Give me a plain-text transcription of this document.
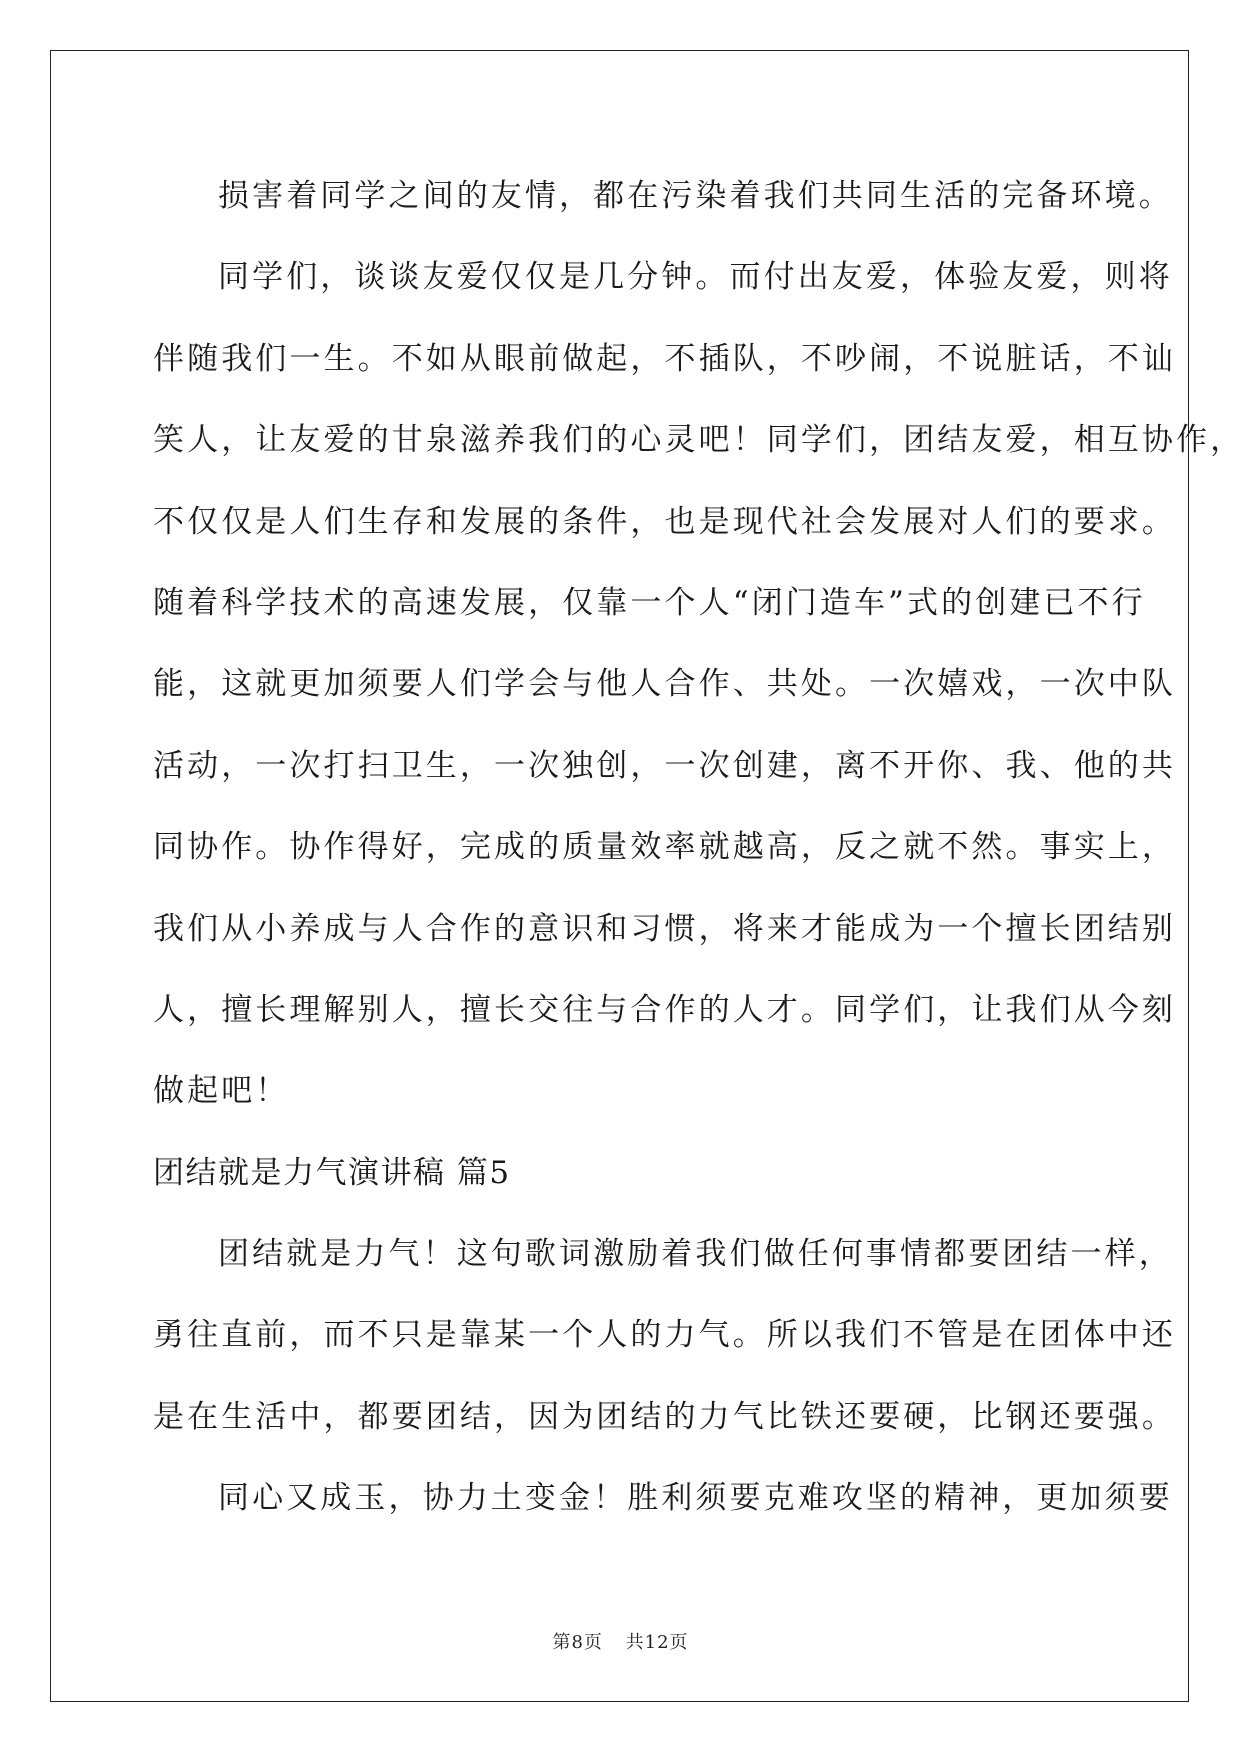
损害着同学之间的友情，都在污染着我们共同生活的完备环境。
同学们，谈谈友爱仅仅是几分钟。而付出友爱，体验友爱，则将
伴随我们一生。不如从眼前做起，不插队，不吵闹，不说脏话，不讪
笑人，让友爱的甘泉滋养我们的心灵吧！同学们，团结友爱，相互协作，
不仅仅是人们生存和发展的条件，也是现代社会发展对人们的要求。
随着科学技术的高速发展，仅靠一个人“闭门造车”式的创建已不行
能，这就更加须要人们学会与他人合作、共处。一次嬉戏，一次中队
活动，一次打扫卫生，一次独创，一次创建，离不开你、我、他的共
同协作。协作得好，完成的质量效率就越高，反之就不然。事实上，
我们从小养成与人合作的意识和习惯，将来才能成为一个擅长团结别
人，擅长理解别人，擅长交往与合作的人才。同学们，让我们从今刻
做起吧！
团结就是力气演讲稿 篇5
团结就是力气！这句歌词激励着我们做任何事情都要团结一样，
勇往直前，而不只是靠某一个人的力气。所以我们不管是在团体中还
是在生活中，都要团结，因为团结的力气比铁还要硬，比钢还要强。
同心又成玉，协力土变金！胜利须要克难攻坚的精神，更加须要
第8页 共12页
